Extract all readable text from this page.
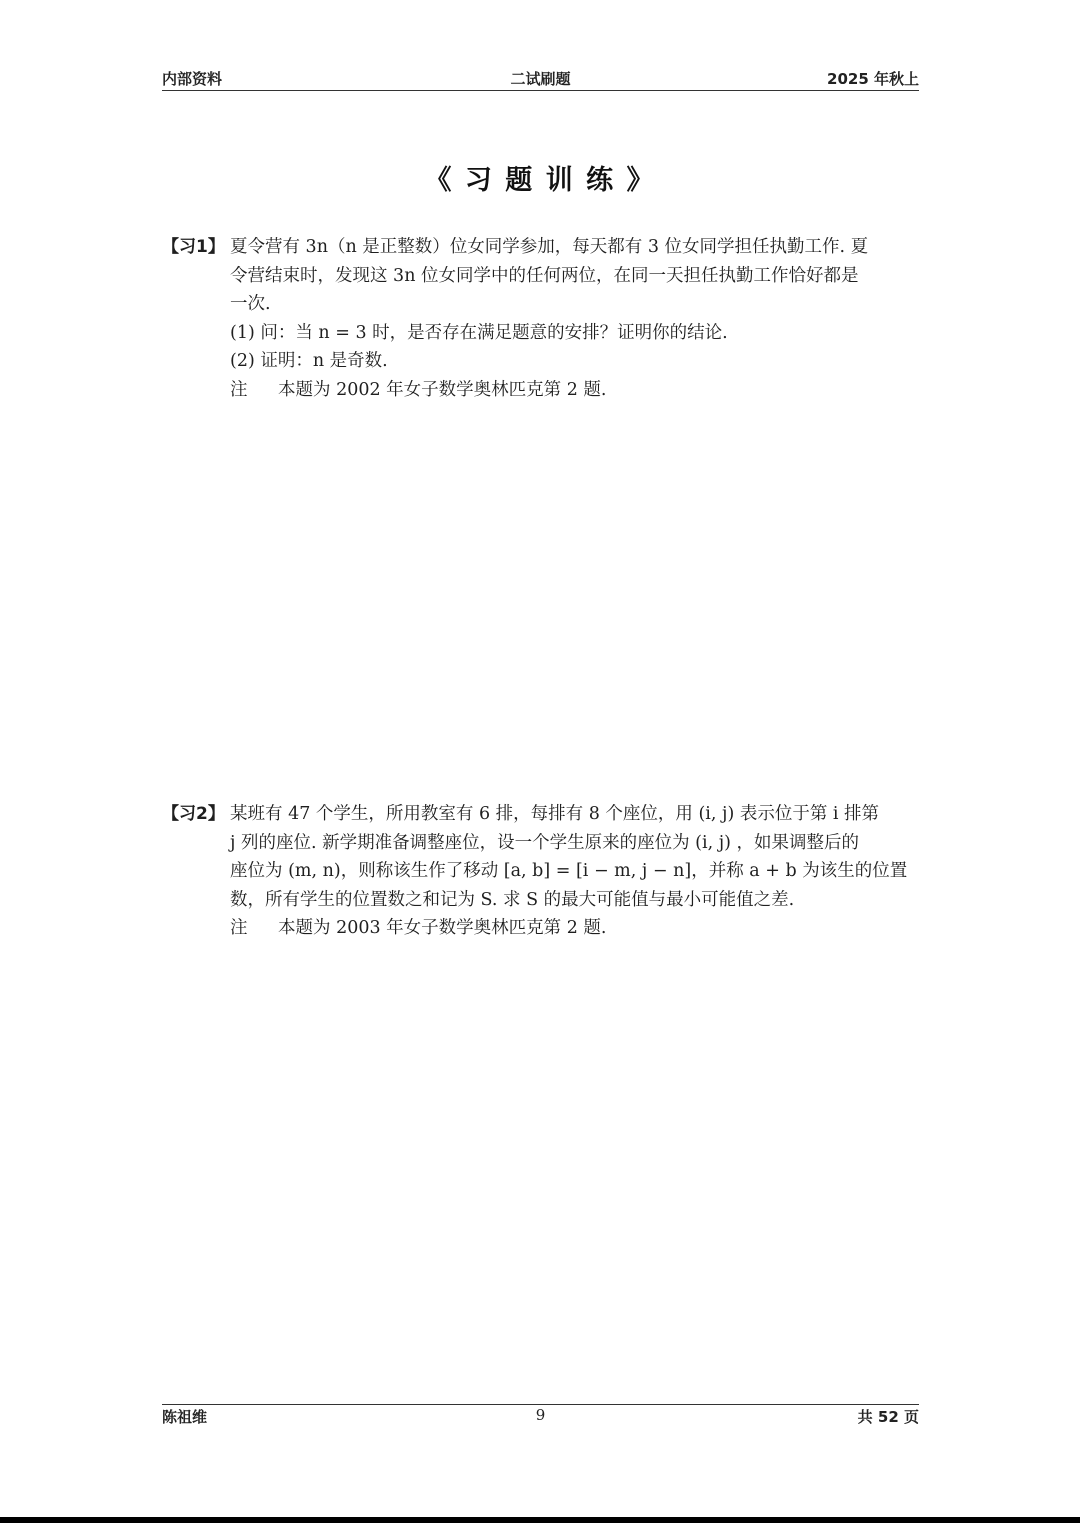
内部资料	二试刷题	2025 年秋上
《 习 题 训 练 》
【习1】 夏令营有 3n（n 是正整数）位女同学参加，每天都有 3 位女同学担任执勤工作. 夏
令营结束时，发现这 3n 位女同学中的任何两位，在同一天担任执勤工作恰好都是
一次.
(1) 问：当 n = 3 时，是否存在满足题意的安排？证明你的结论.
(2) 证明：n 是奇数.
注 本题为 2002 年女子数学奥林匹克第 2 题.
【习2】 某班有 47 个学生，所用教室有 6 排，每排有 8 个座位，用 (i, j) 表示位于第 i 排第
j 列的座位. 新学期准备调整座位，设一个学生原来的座位为 (i, j) ，如果调整后的
座位为 (m, n)，则称该生作了移动 [a, b] = [i − m, j − n]，并称 a + b 为该生的位置
数，所有学生的位置数之和记为 S. 求 S 的最大可能值与最小可能值之差.
注 本题为 2003 年女子数学奥林匹克第 2 题.
陈祖维	9	共 52 页
